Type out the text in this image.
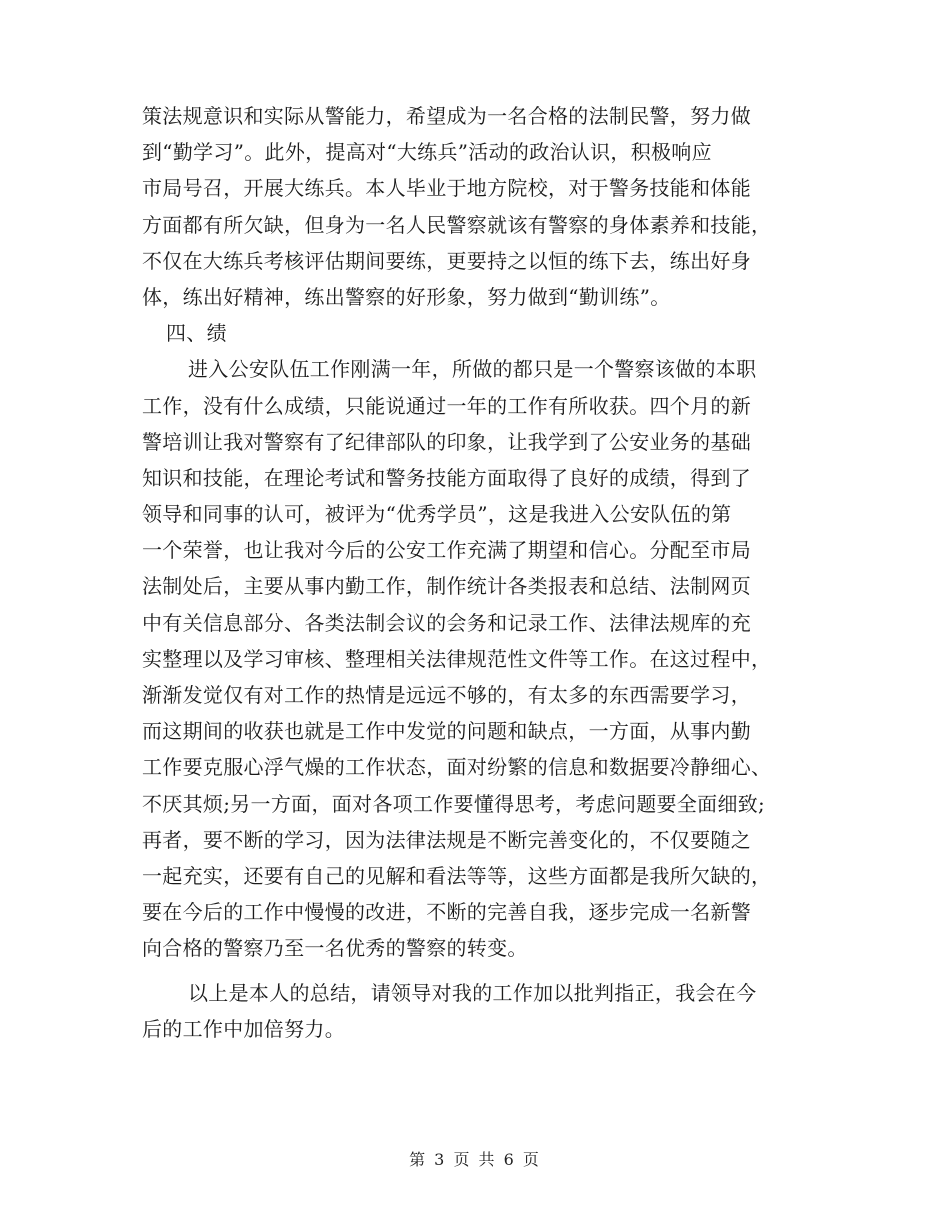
策法规意识和实际从警能力，希望成为一名合格的法制民警，努力做
到“勤学习”。此外，提高对“大练兵”活动的政治认识，积极响应
市局号召，开展大练兵。本人毕业于地方院校，对于警务技能和体能
方面都有所欠缺，但身为一名人民警察就该有警察的身体素养和技能，
不仅在大练兵考核评估期间要练，更要持之以恒的练下去，练出好身
体，练出好精神，练出警察的好形象，努力做到“勤训练”。
四、绩
进入公安队伍工作刚满一年，所做的都只是一个警察该做的本职
工作，没有什么成绩，只能说通过一年的工作有所收获。四个月的新
警培训让我对警察有了纪律部队的印象，让我学到了公安业务的基础
知识和技能，在理论考试和警务技能方面取得了良好的成绩，得到了
领导和同事的认可，被评为“优秀学员”，这是我进入公安队伍的第
一个荣誉，也让我对今后的公安工作充满了期望和信心。分配至市局
法制处后，主要从事内勤工作，制作统计各类报表和总结、法制网页
中有关信息部分、各类法制会议的会务和记录工作、法律法规库的充
实整理以及学习审核、整理相关法律规范性文件等工作。在这过程中，
渐渐发觉仅有对工作的热情是远远不够的，有太多的东西需要学习，
而这期间的收获也就是工作中发觉的问题和缺点，一方面，从事内勤
工作要克服心浮气燥的工作状态，面对纷繁的信息和数据要冷静细心、
不厌其烦;另一方面，面对各项工作要懂得思考，考虑问题要全面细致;
再者，要不断的学习，因为法律法规是不断完善变化的，不仅要随之
一起充实，还要有自己的见解和看法等等，这些方面都是我所欠缺的，
要在今后的工作中慢慢的改进，不断的完善自我，逐步完成一名新警
向合格的警察乃至一名优秀的警察的转变。
以上是本人的总结，请领导对我的工作加以批判指正，我会在今
后的工作中加倍努力。
第 3 页 共 6 页
